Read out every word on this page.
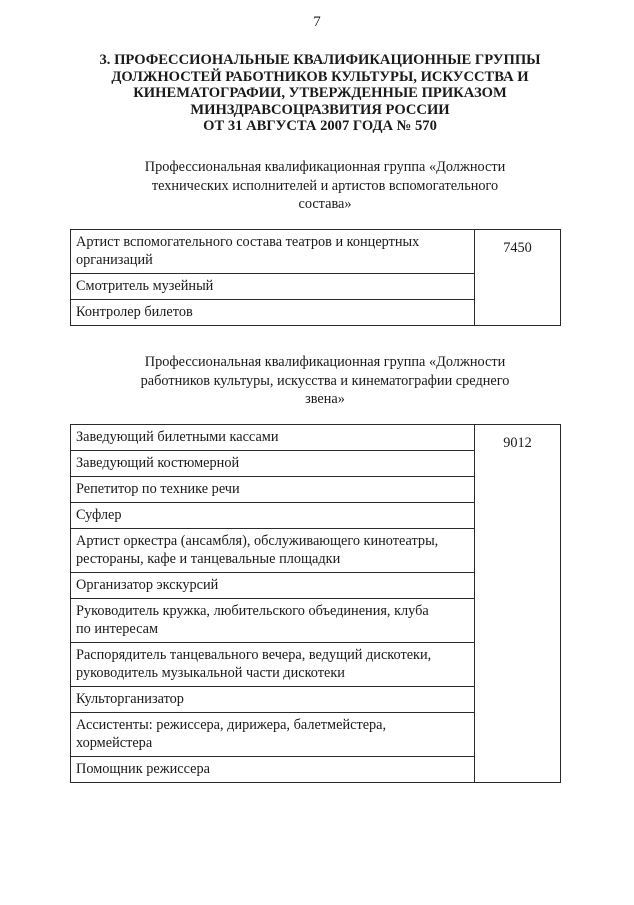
7
3. ПРОФЕССИОНАЛЬНЫЕ КВАЛИФИКАЦИОННЫЕ ГРУППЫ
ДОЛЖНОСТЕЙ РАБОТНИКОВ КУЛЬТУРЫ, ИСКУССТВА И
КИНЕМАТОГРАФИИ, УТВЕРЖДЕННЫЕ ПРИКАЗОМ
МИНЗДРАВСОЦРАЗВИТИЯ РОССИИ
ОТ 31 АВГУСТА 2007 ГОДА № 570
Профессиональная квалификационная группа «Должности
технических исполнителей и артистов вспомогательного
состава»
Артист вспомогательного состава театров и концертных
организаций
	7450

Смотритель музейный

Контролер билетов
Профессиональная квалификационная группа «Должности
работников культуры, искусства и кинематографии среднего
звена»
Заведующий билетными кассами	9012

Заведующий костюмерной

Репетитор по технике речи

Суфлер

Артист оркестра (ансамбля), обслуживающего кинотеатры,
рестораны, кафе и танцевальные площадки

Организатор экскурсий

Руководитель кружка, любительского объединения, клуба
по интересам

Распорядитель танцевального вечера, ведущий дискотеки,
руководитель музыкальной части дискотеки

Культорганизатор

Ассистенты: режиссера, дирижера, балетмейстера,
хормейстера

Помощник режиссера
